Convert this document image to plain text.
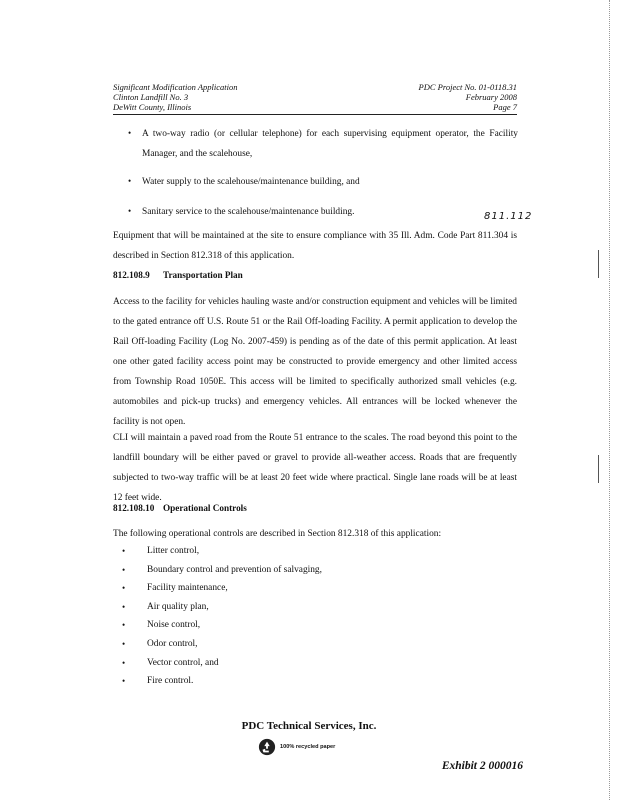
Significant Modification Application
Clinton Landfill No. 3
DeWitt County, Illinois
PDC Project No. 01-0118.31
February 2008
Page 7
• A two-way radio (or cellular telephone) for each supervising equipment operator, the Facility Manager, and the scalehouse,
• Water supply to the scalehouse/maintenance building, and
• Sanitary service to the scalehouse/maintenance building.	811.112
Equipment that will be maintained at the site to ensure compliance with 35 Ill. Adm. Code Part 811.304 is described in Section 812.318 of this application.
812.108.9 Transportation Plan
Access to the facility for vehicles hauling waste and/or construction equipment and vehicles will be limited to the gated entrance off U.S. Route 51 or the Rail Off-loading Facility. A permit application to develop the Rail Off-loading Facility (Log No. 2007-459) is pending as of the date of this permit application. At least one other gated facility access point may be constructed to provide emergency and other limited access from Township Road 1050E. This access will be limited to specifically authorized small vehicles (e.g. automobiles and pick-up trucks) and emergency vehicles. All entrances will be locked whenever the facility is not open.
CLI will maintain a paved road from the Route 51 entrance to the scales. The road beyond this point to the landfill boundary will be either paved or gravel to provide all-weather access. Roads that are frequently subjected to two-way traffic will be at least 20 feet wide where practical. Single lane roads will be at least 12 feet wide.
812.108.10 Operational Controls
The following operational controls are described in Section 812.318 of this application:
• Litter control,
• Boundary control and prevention of salvaging,
• Facility maintenance,
• Air quality plan,
• Noise control,
• Odor control,
• Vector control, and
• Fire control.
PDC Technical Services, Inc.
100% recycled paper
Exhibit 2 000016
